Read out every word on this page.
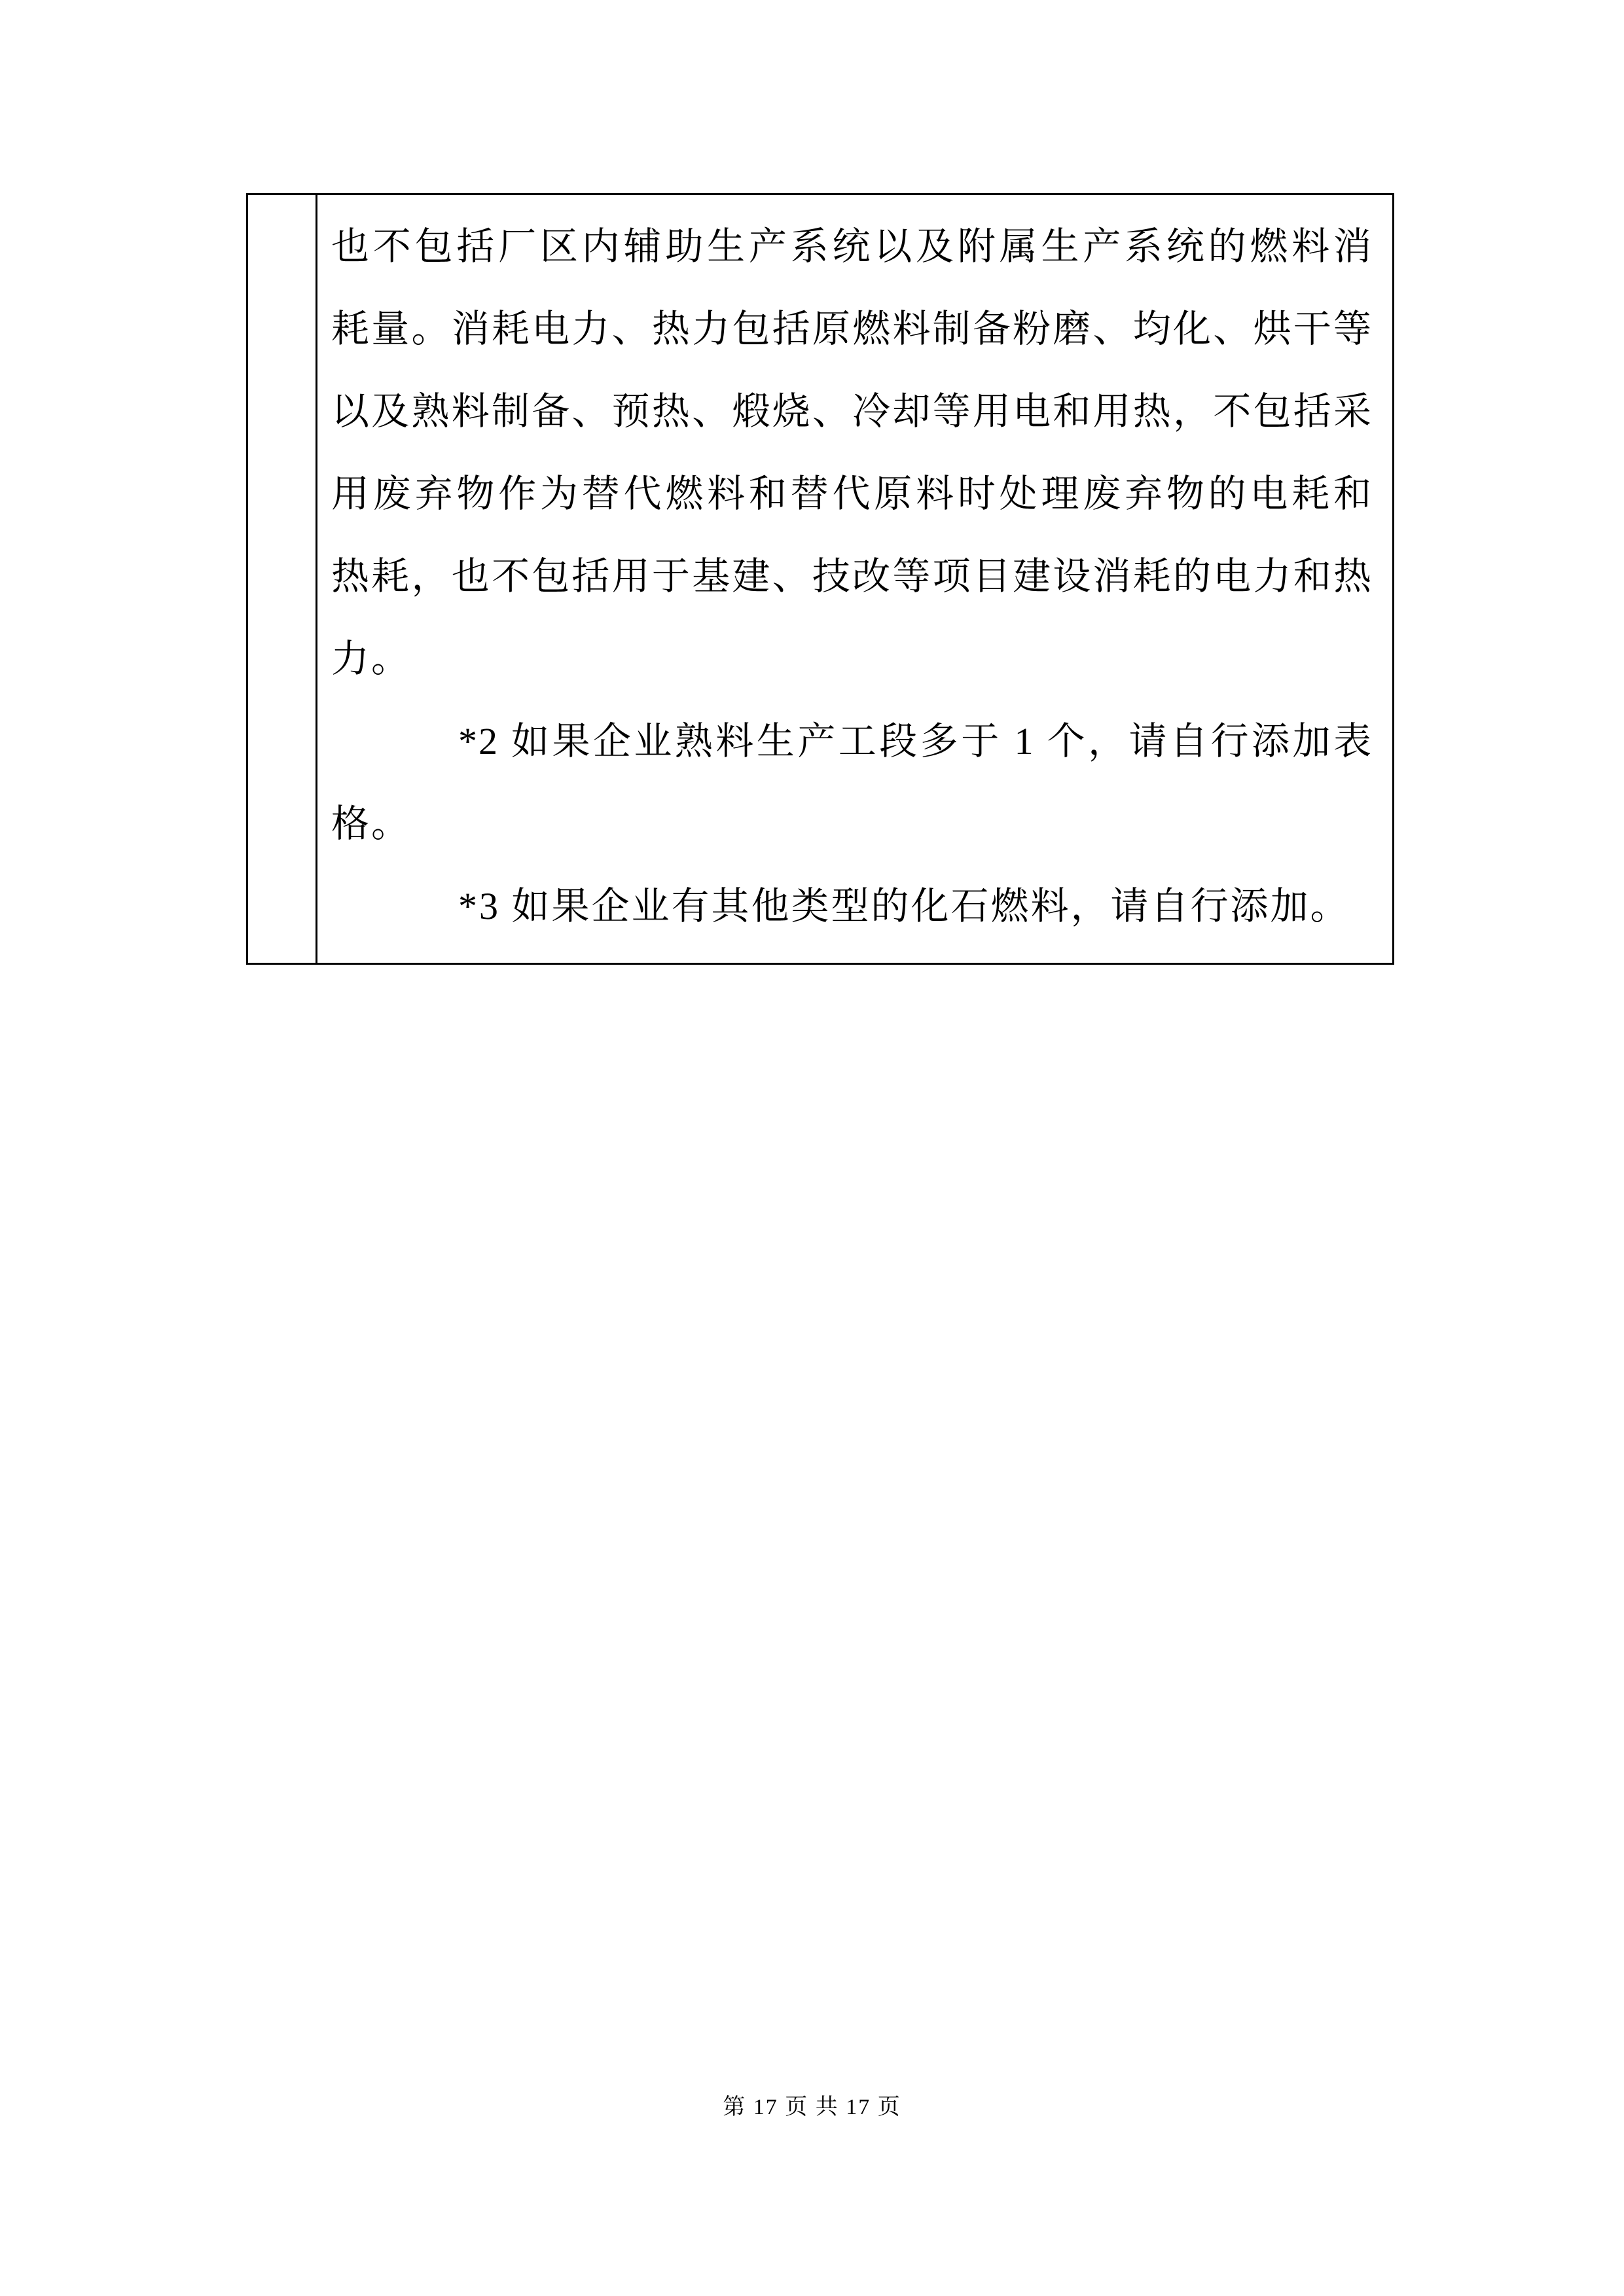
也不包括厂区内辅助生产系统以及附属生产系统的燃料消
耗量。消耗电力、热力包括原燃料制备粉磨、均化、烘干等
以及熟料制备、预热、煅烧、冷却等用电和用热，不包括采
用废弃物作为替代燃料和替代原料时处理废弃物的电耗和
热耗，也不包括用于基建、技改等项目建设消耗的电力和热
力。
*2 如果企业熟料生产工段多于 1 个，请自行添加表
格。
*3 如果企业有其他类型的化石燃料，请自行添加。
第 17 页 共 17 页
